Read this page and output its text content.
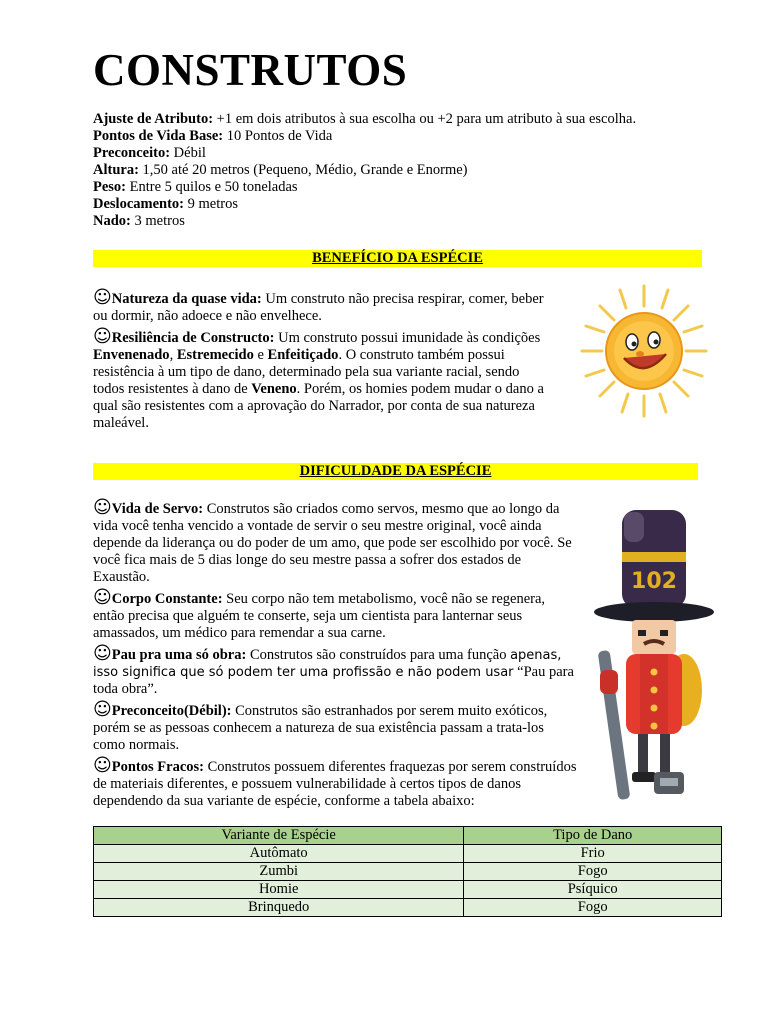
CONSTRUTOS
Ajuste de Atributo: +1 em dois atributos à sua escolha ou +2 para um atributo à sua escolha.
Pontos de Vida Base: 10 Pontos de Vida
Preconceito: Débil
Altura: 1,50 até 20 metros (Pequeno, Médio, Grande e Enorme)
Peso: Entre 5 quilos e 50 toneladas
Deslocamento: 9 metros
Nado: 3 metros
BENEFÍCIO DA ESPÉCIE

☺Natureza da quase vida: Um construto não precisa respirar, comer, beber ou dormir, não adoece e não envelhece.

☺Resiliência de Constructo: Um construto possui imunidade às condições Envenenado, Estremecido e Enfeitiçado. O construto também possui resistência à um tipo de dano, determinado pela sua variante racial, sendo todos resistentes à dano de Veneno. Porém, os homies podem mudar o dano a qual são resistentes com a aprovação do Narrador, por conta de sua natureza maleável.

DIFICULDADE DA ESPÉCIE

☺Vida de Servo: Construtos são criados como servos, mesmo que ao longo da vida você tenha vencido a vontade de servir o seu mestre original, você ainda depende da liderança ou do poder de um amo, que pode ser escolhido por você. Se você fica mais de 5 dias longe do seu mestre passa a sofrer dos estados de Exaustão.

☺Corpo Constante: Seu corpo não tem metabolismo, você não se regenera, então precisa que alguém te conserte, seja um cientista para lanternar seus amassados, um médico para remendar a sua carne.

☺Pau pra uma só obra: Construtos são construídos para uma função apenas, isso significa que só podem ter uma profissão e não podem usar “Pau para toda obra”.

☺Preconceito(Débil): Construtos são estranhados por serem muito exóticos, porém se as pessoas conhecem a natureza de sua existência passam a trata-los como normais.

☺Pontos Fracos: Construtos possuem diferentes fraquezas por serem construídos de materiais diferentes, e possuem vulnerabilidade à certos tipos de danos dependendo da sua variante de espécie, conforme a tabela abaixo:

102
Variante de Espécie	Tipo de Dano
Autômato	Frio
Zumbi	Fogo
Homie	Psíquico
Brinquedo	Fogo
